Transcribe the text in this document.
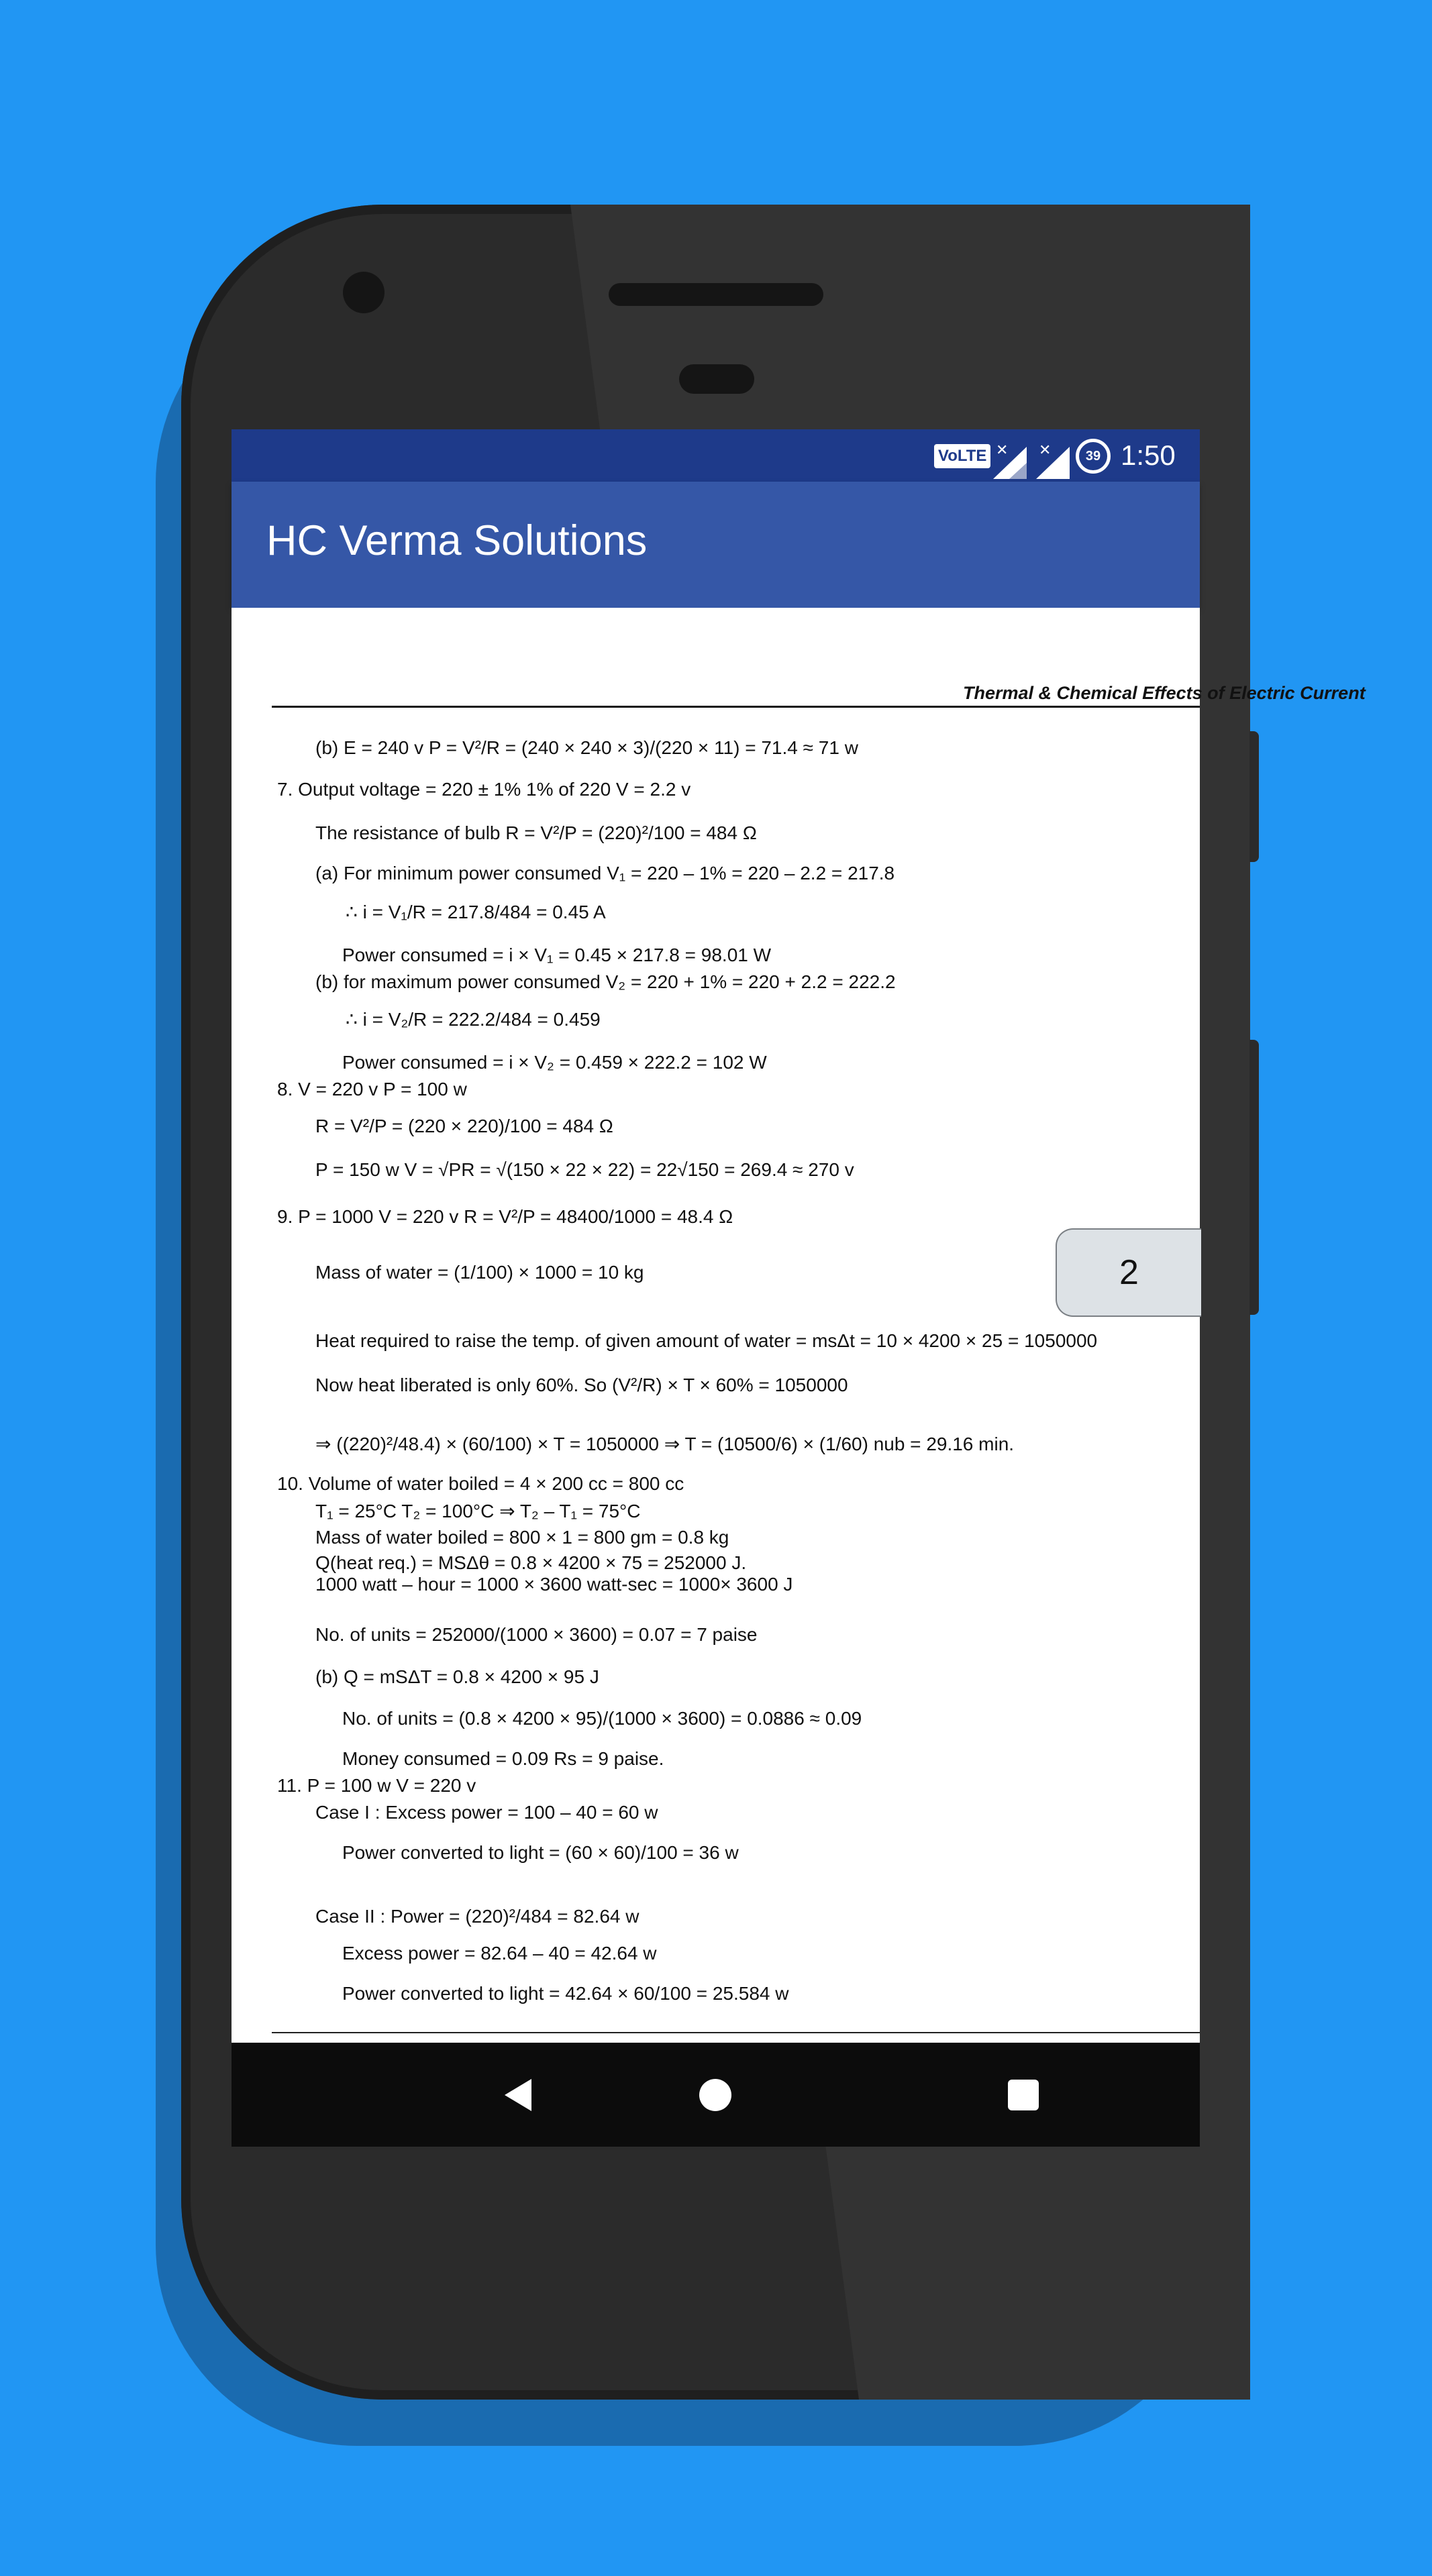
VoLTE ✕ ✕	39 1:50
HC Verma Solutions
Thermal & Chemical Effects of Electric Current
(b) E = 240 v P = V²/R = (240 × 240 × 3)/(220 × 11) = 71.4 ≈ 71 w
7. Output voltage = 220 ± 1% 1% of 220 V = 2.2 v
The resistance of bulb R = V²/P = (220)²/100 = 484 Ω
(a) For minimum power consumed V₁ = 220 – 1% = 220 – 2.2 = 217.8
∴ i = V₁/R = 217.8/484 = 0.45 A
Power consumed = i × V₁ = 0.45 × 217.8 = 98.01 W
(b) for maximum power consumed V₂ = 220 + 1% = 220 + 2.2 = 222.2
∴ i = V₂/R = 222.2/484 = 0.459
Power consumed = i × V₂ = 0.459 × 222.2 = 102 W
8. V = 220 v P = 100 w
R = V²/P = (220 × 220)/100 = 484 Ω
P = 150 w V = √PR = √(150 × 22 × 22) = 22√150 = 269.4 ≈ 270 v
9. P = 1000 V = 220 v R = V²/P = 48400/1000 = 48.4 Ω
Mass of water = (1/100) × 1000 = 10 kg
Heat required to raise the temp. of given amount of water = msΔt = 10 × 4200 × 25 = 1050000
Now heat liberated is only 60%. So (V²/R) × T × 60% = 1050000
⇒ ((220)²/48.4) × (60/100) × T = 1050000 ⇒ T = (10500/6) × (1/60) nub = 29.16 min.
10. Volume of water boiled = 4 × 200 cc = 800 cc
T₁ = 25°C T₂ = 100°C ⇒ T₂ – T₁ = 75°C
Mass of water boiled = 800 × 1 = 800 gm = 0.8 kg
Q(heat req.) = MSΔθ = 0.8 × 4200 × 75 = 252000 J.
1000 watt – hour = 1000 × 3600 watt-sec = 1000× 3600 J
No. of units = 252000/(1000 × 3600) = 0.07 = 7 paise
(b) Q = mSΔT = 0.8 × 4200 × 95 J
No. of units = (0.8 × 4200 × 95)/(1000 × 3600) = 0.0886 ≈ 0.09
Money consumed = 0.09 Rs = 9 paise.
11. P = 100 w V = 220 v
Case I : Excess power = 100 – 40 = 60 w
Power converted to light = (60 × 60)/100 = 36 w
Case II : Power = (220)²/484 = 82.64 w
Excess power = 82.64 – 40 = 42.64 w
Power converted to light = 42.64 × 60/100 = 25.584 w
2
